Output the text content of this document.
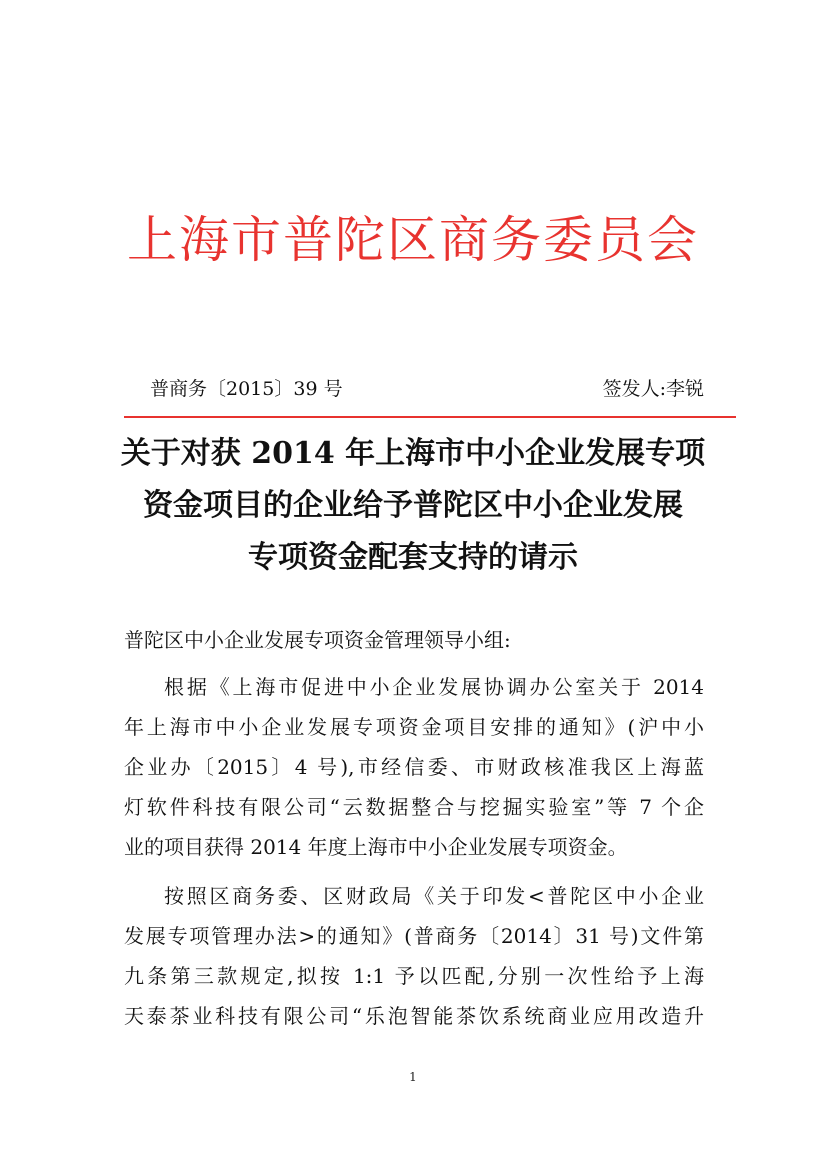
上海市普陀区商务委员会
普商务〔2015〕39 号	签发人:李锐
关于对获 2014 年上海市中小企业发展专项
资金项目的企业给予普陀区中小企业发展
专项资金配套支持的请示
普陀区中小企业发展专项资金管理领导小组:
根据《上海市促进中小企业发展协调办公室关于 2014
年上海市中小企业发展专项资金项目安排的通知》(沪中小
企业办〔2015〕4 号),市经信委、市财政核准我区上海蓝
灯软件科技有限公司“云数据整合与挖掘实验室”等 7 个企
业的项目获得 2014 年度上海市中小企业发展专项资金。
按照区商务委、区财政局《关于印发<普陀区中小企业
发展专项管理办法>的通知》(普商务〔2014〕31 号)文件第
九条第三款规定,拟按 1:1 予以匹配,分别一次性给予上海
天泰茶业科技有限公司“乐泡智能茶饮系统商业应用改造升
1
